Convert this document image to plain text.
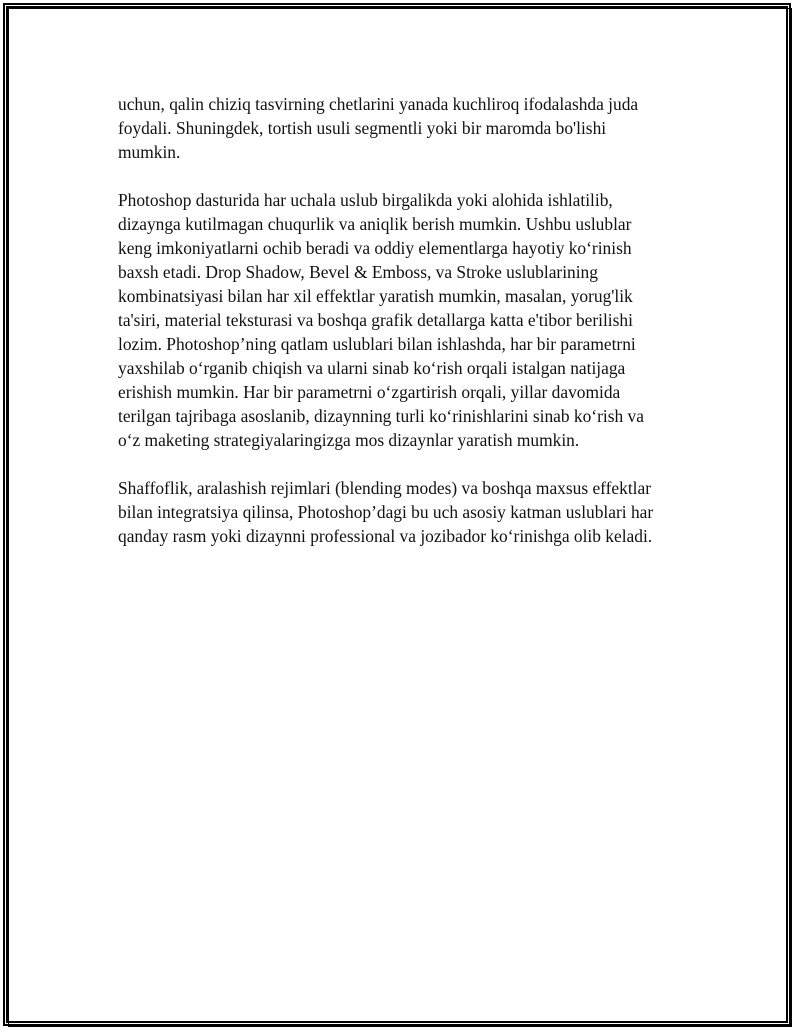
uchun, qalin chiziq tasvirning chetlarini yanada kuchliroq ifodalashda juda
foydali. Shuningdek, tortish usuli segmentli yoki bir maromda bo'lishi
mumkin.

Photoshop dasturida har uchala uslub birgalikda yoki alohida ishlatilib,
dizaynga kutilmagan chuqurlik va aniqlik berish mumkin. Ushbu uslublar
keng imkoniyatlarni ochib beradi va oddiy elementlarga hayotiy ko‘rinish
baxsh etadi. Drop Shadow, Bevel & Emboss, va Stroke uslublarining
kombinatsiyasi bilan har xil effektlar yaratish mumkin, masalan, yorug'lik
ta'siri, material teksturasi va boshqa grafik detallarga katta e'tibor berilishi
lozim. Photoshop’ning qatlam uslublari bilan ishlashda, har bir parametrni
yaxshilab o‘rganib chiqish va ularni sinab ko‘rish orqali istalgan natijaga
erishish mumkin. Har bir parametrni o‘zgartirish orqali, yillar davomida
terilgan tajribaga asoslanib, dizaynning turli ko‘rinishlarini sinab ko‘rish va
o‘z maketing strategiyalaringizga mos dizaynlar yaratish mumkin.

Shaffoflik, aralashish rejimlari (blending modes) va boshqa maxsus effektlar
bilan integratsiya qilinsa, Photoshop’dagi bu uch asosiy katman uslublari har
qanday rasm yoki dizaynni professional va jozibador ko‘rinishga olib keladi.
